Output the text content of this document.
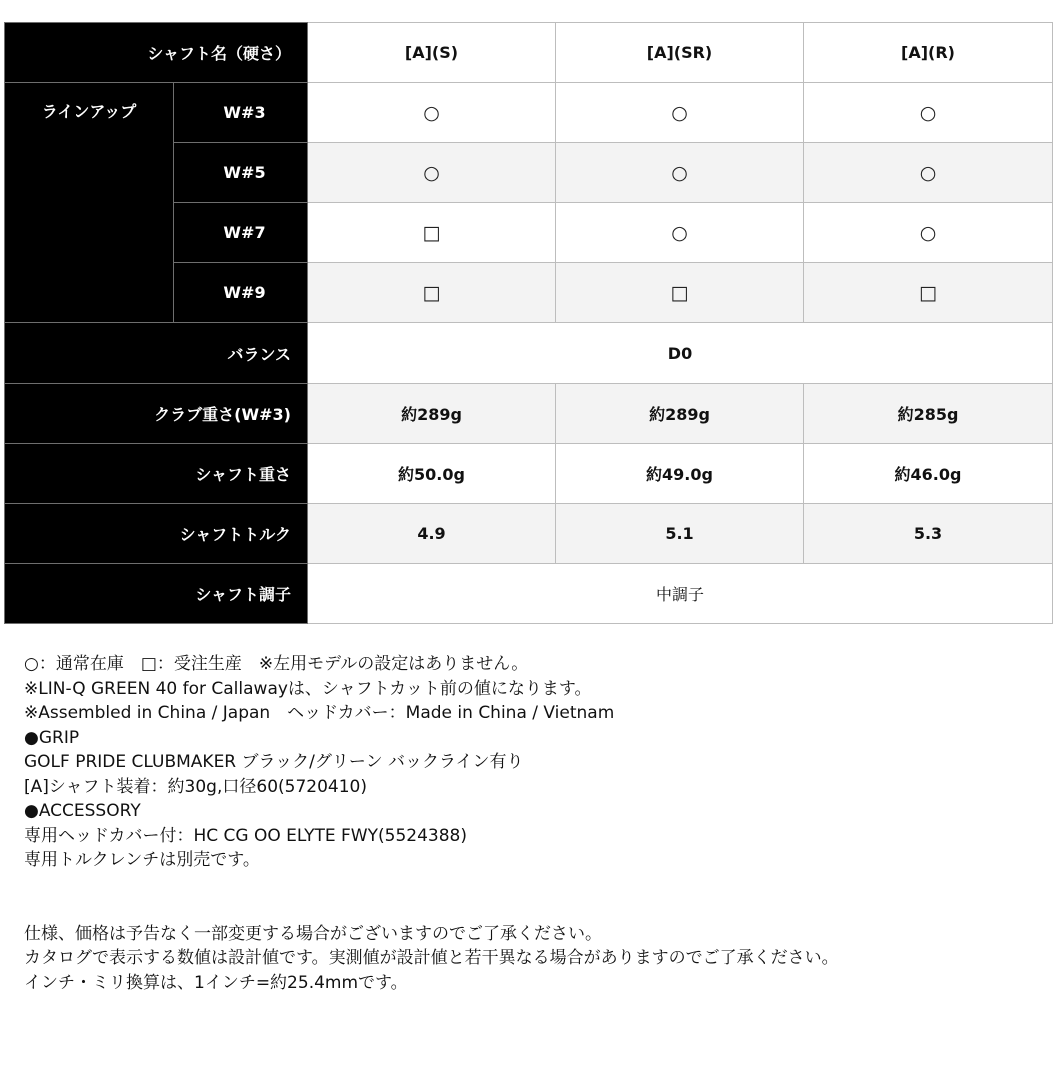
シャフト名（硬さ）		[A](S)	[A](SR)	[A](R)
ラインアップ	W#3	○	○	○
	W#5	○	○	○
	W#7	□	○	○
	W#9	□	□	□
バランス		D0		
クラブ重さ(W#3)		約289g	約289g	約285g
シャフト重さ		約50.0g	約49.0g	約46.0g
シャフトトルク		4.9	5.1	5.3
シャフト調子		中調子		
○：通常在庫　□：受注生産　※左用モデルの設定はありません。
※LIN-Q GREEN 40 for Callawayは、シャフトカット前の値になります。
※Assembled in China / Japan　ヘッドカバー：Made in China / Vietnam
●GRIP
GOLF PRIDE CLUBMAKER ブラック/グリーン バックライン有り
[A]シャフト装着：約30g,口径60(5720410)
●ACCESSORY
専用ヘッドカバー付：HC CG OO ELYTE FWY(5524388)
専用トルクレンチは別売です。
仕様、価格は予告なく一部変更する場合がございますのでご了承ください。
カタログで表示する数値は設計値です。実測値が設計値と若干異なる場合がありますのでご了承ください。
インチ・ミリ換算は、1インチ=約25.4mmです。
